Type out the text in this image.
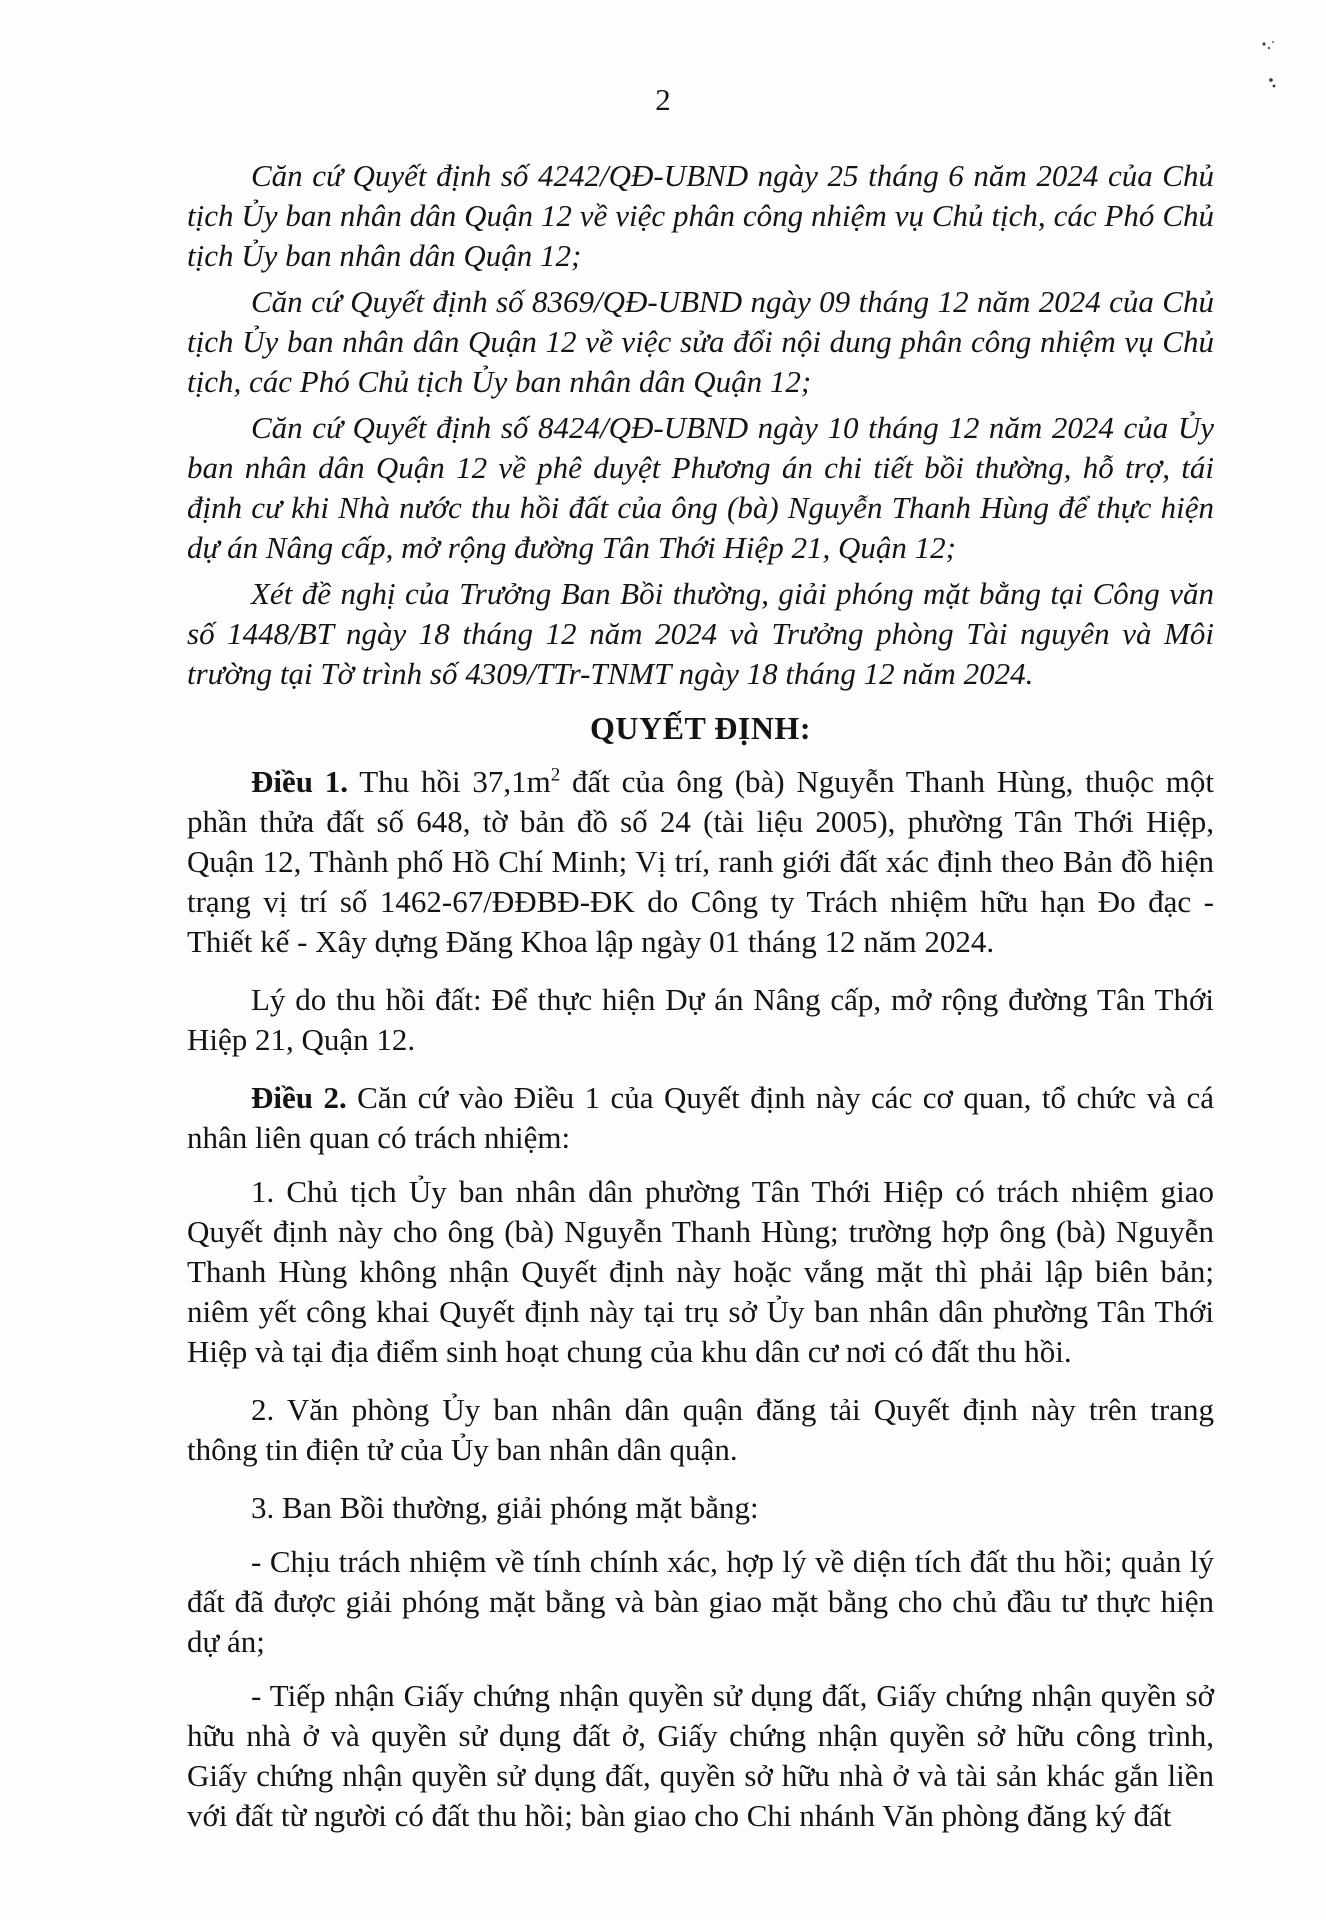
2

Căn cứ Quyết định số 4242/QĐ-UBND ngày 25 tháng 6 năm 2024 của Chủ tịch Ủy ban nhân dân Quận 12 về việc phân công nhiệm vụ Chủ tịch, các Phó Chủ tịch Ủy ban nhân dân Quận 12;

Căn cứ Quyết định số 8369/QĐ-UBND ngày 09 tháng 12 năm 2024 của Chủ tịch Ủy ban nhân dân Quận 12 về việc sửa đổi nội dung phân công nhiệm vụ Chủ tịch, các Phó Chủ tịch Ủy ban nhân dân Quận 12;

Căn cứ Quyết định số 8424/QĐ-UBND ngày 10 tháng 12 năm 2024 của Ủy ban nhân dân Quận 12 về phê duyệt Phương án chi tiết bồi thường, hỗ trợ, tái định cư khi Nhà nước thu hồi đất của ông (bà) Nguyễn Thanh Hùng để thực hiện dự án Nâng cấp, mở rộng đường Tân Thới Hiệp 21, Quận 12;

Xét đề nghị của Trưởng Ban Bồi thường, giải phóng mặt bằng tại Công văn số 1448/BT ngày 18 tháng 12 năm 2024 và Trưởng phòng Tài nguyên và Môi trường tại Tờ trình số 4309/TTr-TNMT ngày 18 tháng 12 năm 2024.

QUYẾT ĐỊNH:

Điều 1. Thu hồi $37,1m^2$ đất của ông (bà) Nguyễn Thanh Hùng, thuộc một phần thửa đất số 648, tờ bản đồ số 24 (tài liệu 2005), phường Tân Thới Hiệp, Quận 12, Thành phố Hồ Chí Minh; Vị trí, ranh giới đất xác định theo Bản đồ hiện trạng vị trí số 1462-67/ĐĐBĐ-ĐK do Công ty Trách nhiệm hữu hạn Đo đạc - Thiết kế - Xây dựng Đăng Khoa lập ngày 01 tháng 12 năm 2024.

Lý do thu hồi đất: Để thực hiện Dự án Nâng cấp, mở rộng đường Tân Thới Hiệp 21, Quận 12.

Điều 2. Căn cứ vào Điều 1 của Quyết định này các cơ quan, tổ chức và cá nhân liên quan có trách nhiệm:

1. Chủ tịch Ủy ban nhân dân phường Tân Thới Hiệp có trách nhiệm giao Quyết định này cho ông (bà) Nguyễn Thanh Hùng; trường hợp ông (bà) Nguyễn Thanh Hùng không nhận Quyết định này hoặc vắng mặt thì phải lập biên bản; niêm yết công khai Quyết định này tại trụ sở Ủy ban nhân dân phường Tân Thới Hiệp và tại địa điểm sinh hoạt chung của khu dân cư nơi có đất thu hồi.

2. Văn phòng Ủy ban nhân dân quận đăng tải Quyết định này trên trang thông tin điện tử của Ủy ban nhân dân quận.

3. Ban Bồi thường, giải phóng mặt bằng:

- Chịu trách nhiệm về tính chính xác, hợp lý về diện tích đất thu hồi; quản lý đất đã được giải phóng mặt bằng và bàn giao mặt bằng cho chủ đầu tư thực hiện dự án;

- Tiếp nhận Giấy chứng nhận quyền sử dụng đất, Giấy chứng nhận quyền sở hữu nhà ở và quyền sử dụng đất ở, Giấy chứng nhận quyền sở hữu công trình, Giấy chứng nhận quyền sử dụng đất, quyền sở hữu nhà ở và tài sản khác gắn liền với đất từ người có đất thu hồi; bàn giao cho Chi nhánh Văn phòng đăng ký đất
